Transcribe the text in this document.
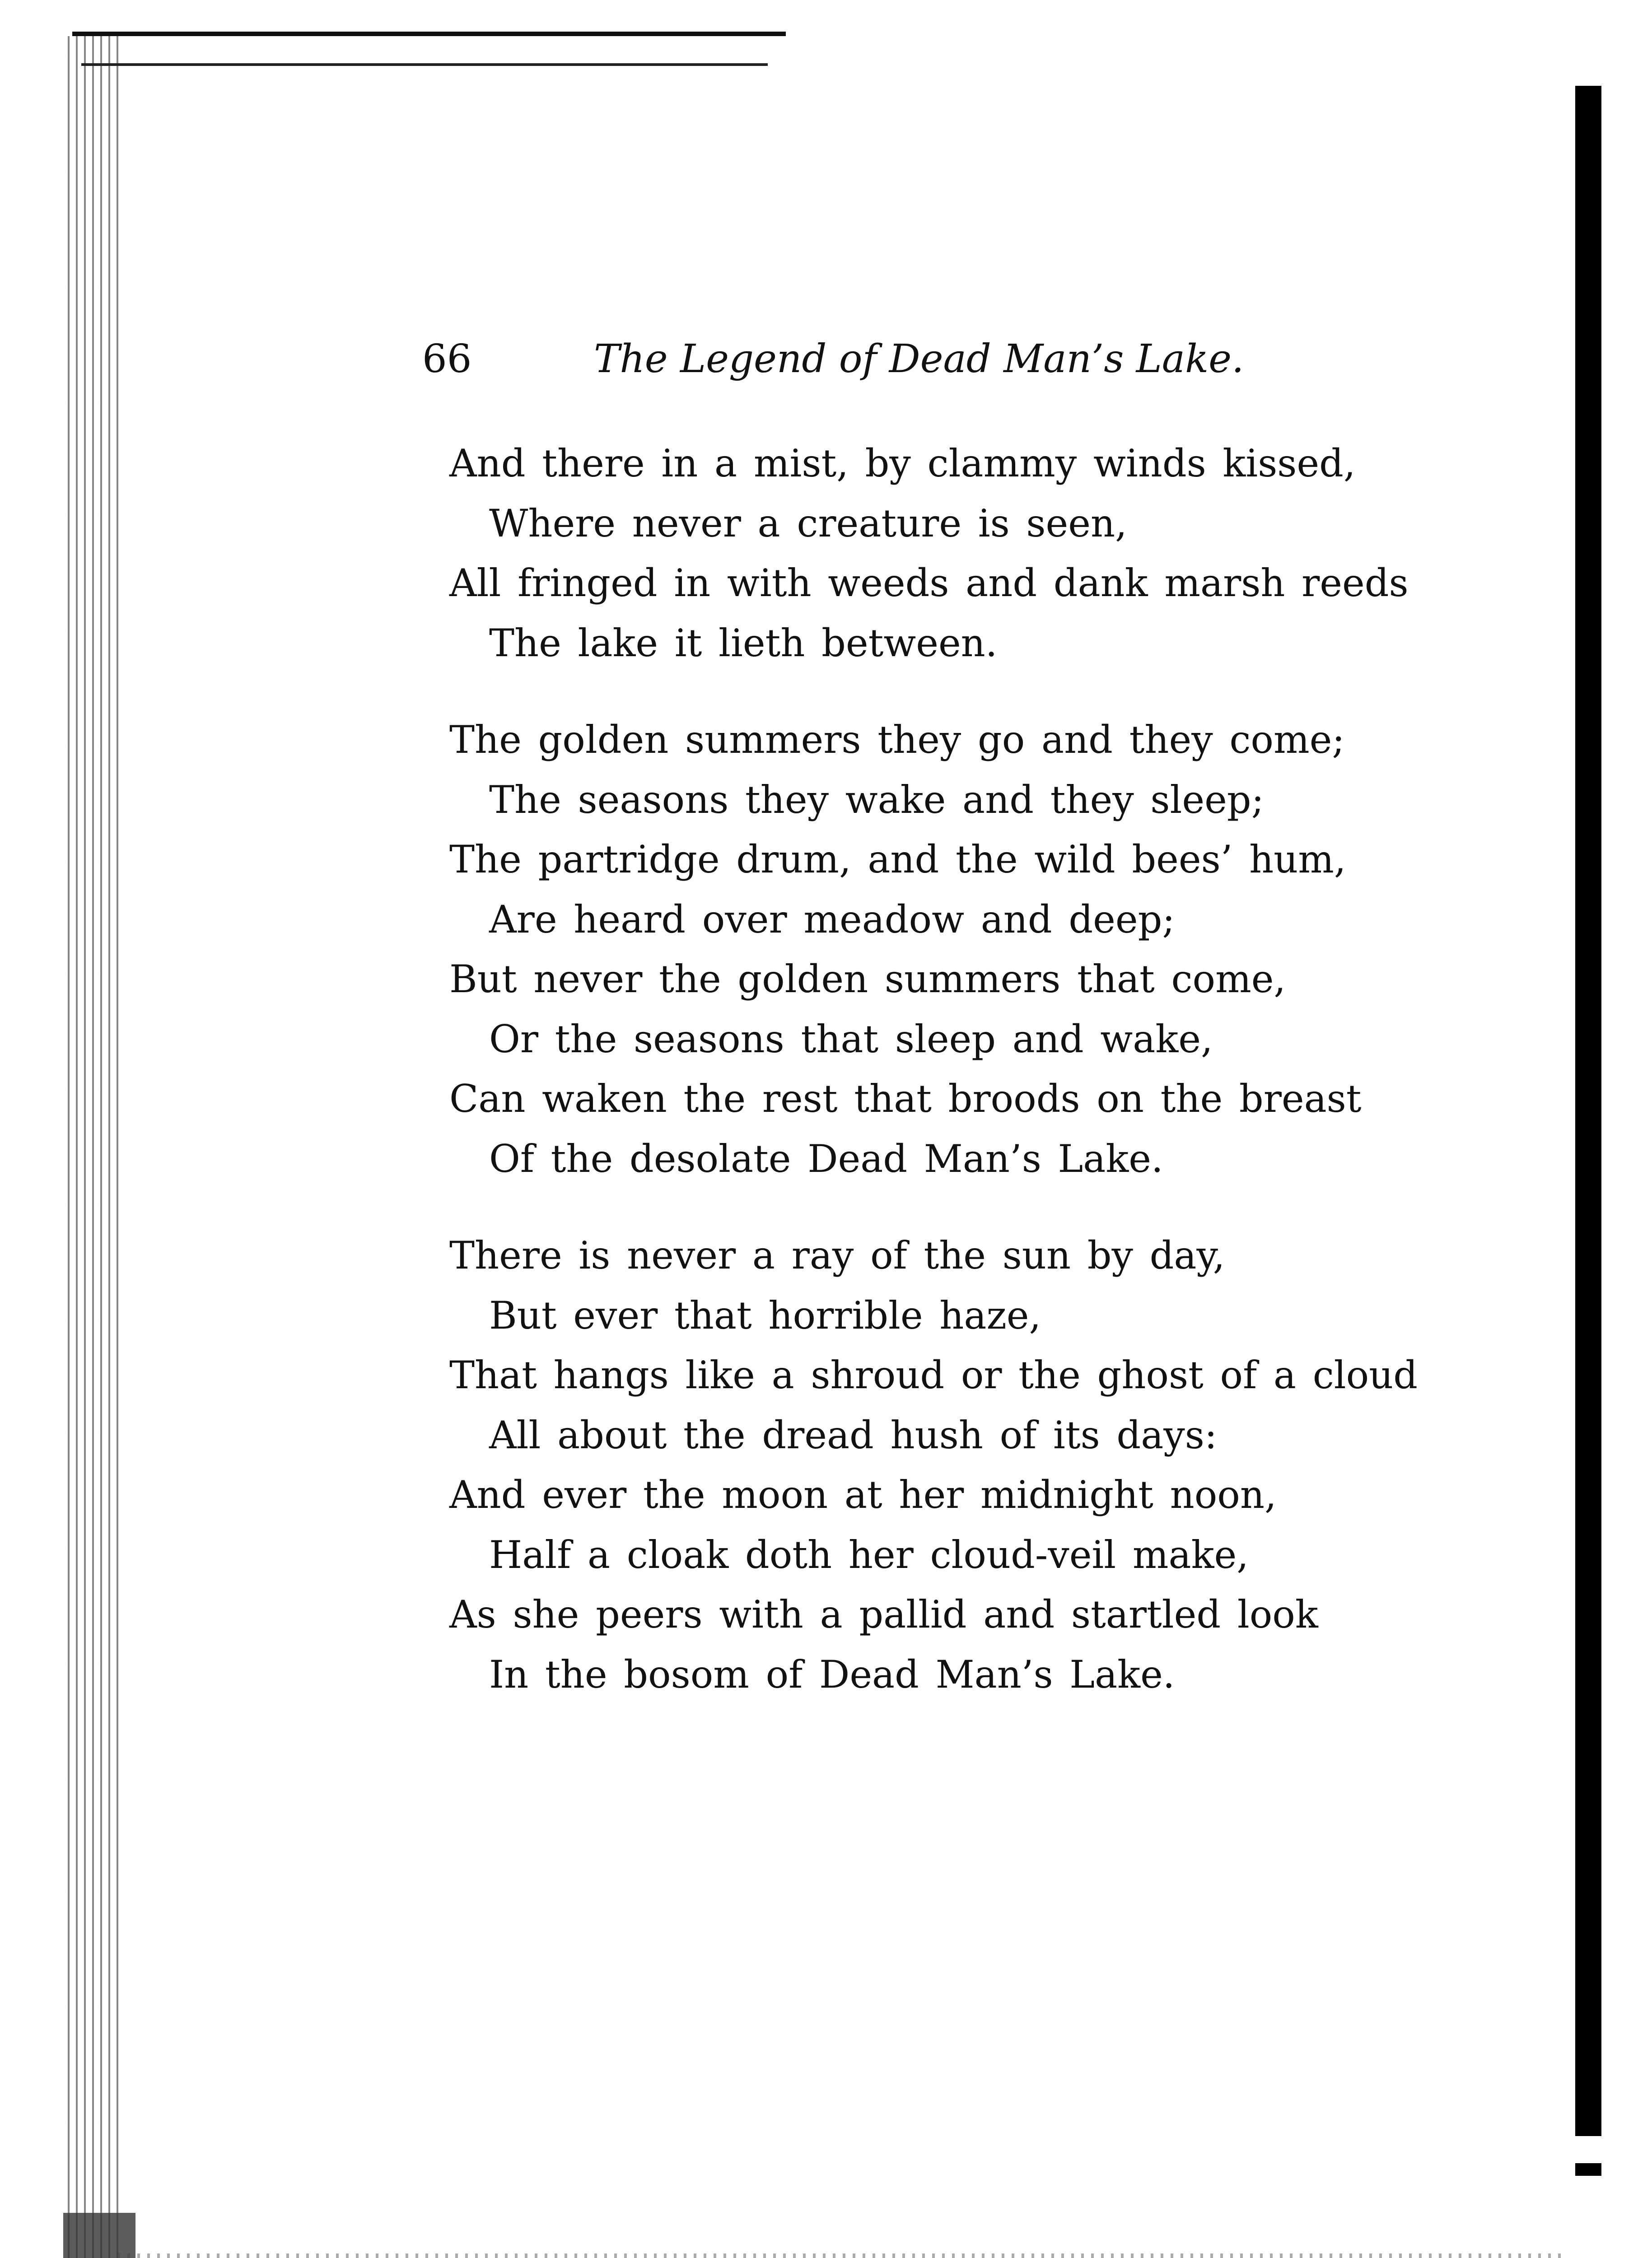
66	The Legend of Dead Man’s Lake.
And there in a mist, by clammy winds kissed,
Where never a creature is seen,
All fringed in with weeds and dank marsh reeds
The lake it lieth between.
The golden summers they go and they come;
The seasons they wake and they sleep;
The partridge drum, and the wild bees’ hum,
Are heard over meadow and deep;
But never the golden summers that come,
Or the seasons that sleep and wake,
Can waken the rest that broods on the breast
Of the desolate Dead Man’s Lake.
There is never a ray of the sun by day,
But ever that horrible haze,
That hangs like a shroud or the ghost of a cloud
All about the dread hush of its days:
And ever the moon at her midnight noon,
Half a cloak doth her cloud-veil make,
As she peers with a pallid and startled look
In the bosom of Dead Man’s Lake.
